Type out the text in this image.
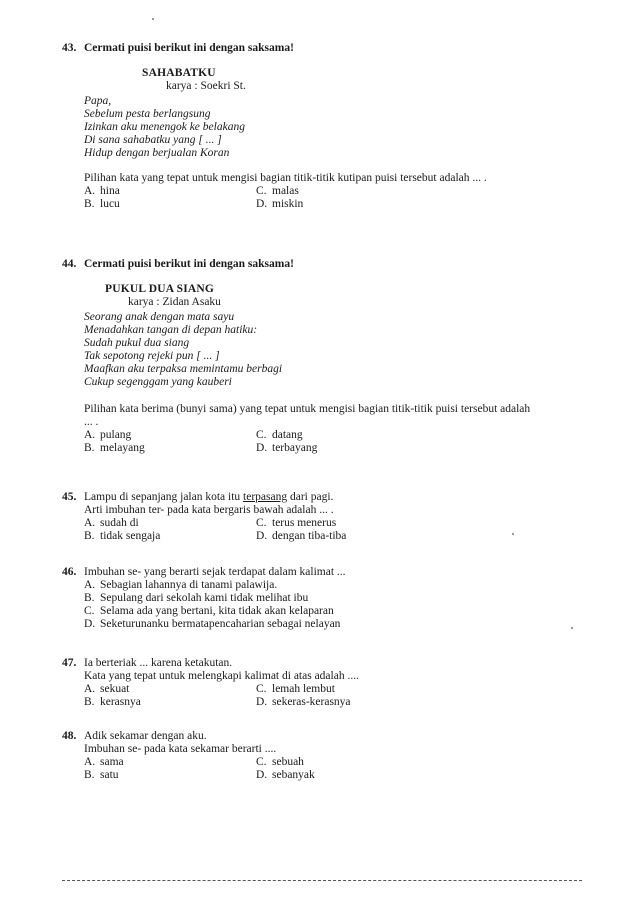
43. Cermati puisi berikut ini dengan saksama!
SAHABATKU
karya : Soekri St.
Papa,
Sebelum pesta berlangsung
Izinkan aku menengok ke belakang
Di sana sahabatku yang [ ... ]
Hidup dengan berjualan Koran
Pilihan kata yang tepat untuk mengisi bagian titik-titik kutipan puisi tersebut adalah ... .
A. hina	C. malas
B. lucu	D. miskin
44. Cermati puisi berikut ini dengan saksama!
PUKUL DUA SIANG
karya : Zidan Asaku
Seorang anak dengan mata sayu
Menadahkan tangan di depan hatiku:
Sudah pukul dua siang
Tak sepotong rejeki pun [ ... ]
Maafkan aku terpaksa memintamu berbagi
Cukup segenggam yang kauberi
Pilihan kata berima (bunyi sama) yang tepat untuk mengisi bagian titik-titik puisi tersebut adalah
... .
A. pulang	C. datang
B. melayang	D. terbayang
45. Lampu di sepanjang jalan kota itu terpasang dari pagi.
Arti imbuhan ter- pada kata bergaris bawah adalah ... .
A. sudah di	C. terus menerus
B. tidak sengaja	D. dengan tiba-tiba
46. Imbuhan se- yang berarti sejak terdapat dalam kalimat ...
A. Sebagian lahannya di tanami palawija.
B. Sepulang dari sekolah kami tidak melihat ibu
C. Selama ada yang bertani, kita tidak akan kelaparan
D. Seketurunanku bermatapencaharian sebagai nelayan
47. Ia berteriak ... karena ketakutan.
Kata yang tepat untuk melengkapi kalimat di atas adalah ....
A. sekuat	C. lemah lembut
B. kerasnya	D. sekeras-kerasnya
48. Adik sekamar dengan aku.
Imbuhan se- pada kata sekamar berarti ....
A. sama	C. sebuah
B. satu	D. sebanyak
